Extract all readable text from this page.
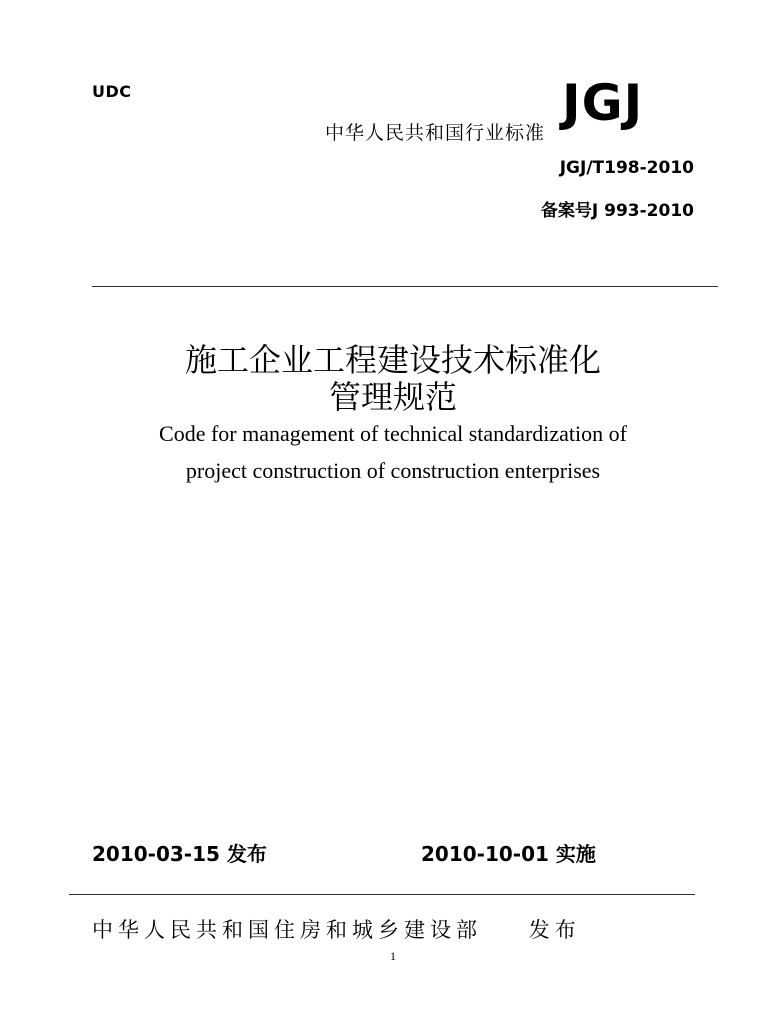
UDC
中华人民共和国行业标准
JGJ
JGJ/T198-2010
备案号J 993-2010
施工企业工程建设技术标准化
管理规范
Code for management of technical standardization of
project construction of construction enterprises
2010-03-15 发布	2010-10-01 实施
中华人民共和国住房和城乡建设部    发布
1
